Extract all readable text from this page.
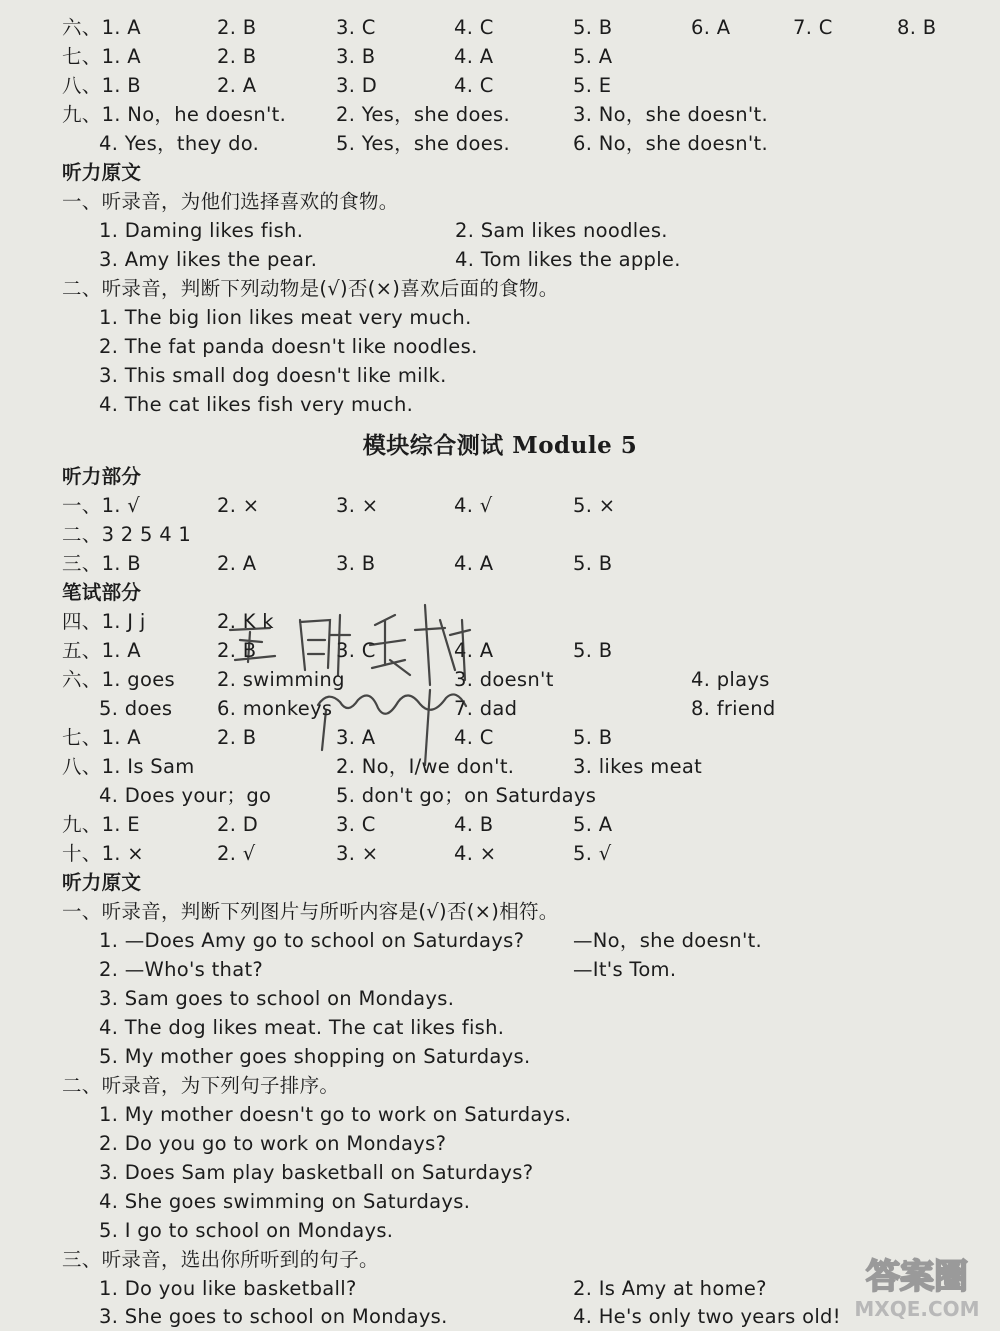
六、1. A	2. B	3. C	4. C	5. B	6. A	7. C	8. B
七、1. A	2. B	3. B	4. A	5. A
八、1. B	2. A	3. D	4. C	5. E
九、1. No，he doesn't.	2. Yes，she does.	3. No，she doesn't.
4. Yes，they do.	5. Yes，she does.	6. No，she doesn't.
听力原文
一、听录音，为他们选择喜欢的食物。
1. Daming likes fish.	2. Sam likes noodles.
3. Amy likes the pear.	4. Tom likes the apple.
二、听录音，判断下列动物是(√)否(×)喜欢后面的食物。
1. The big lion likes meat very much.
2. The fat panda doesn't like noodles.
3. This small dog doesn't like milk.
4. The cat likes fish very much.
听力部分
一、1. √	2. ×	3. ×	4. √	5. ×
二、3 2 5 4 1
三、1. B	2. A	3. B	4. A	5. B
笔试部分
四、1. J j	2. K k
五、1. A	2. B	3. C	4. A	5. B
六、1. goes 2. swimming	3. doesn't	4. plays
5. does 6. monkeys	7. dad	8. friend
七、1. A	2. B	3. A	4. C	5. B
八、1. Is Sam	2. No，I/we don't.	3. likes meat
4. Does your；go	5. don't go；on Saturdays
九、1. E	2. D	3. C	4. B	5. A
十、1. ×	2. √	3. ×	4. ×	5. √
听力原文
一、听录音，判断下列图片与所听内容是(√)否(×)相符。
1. —Does Amy go to school on Saturdays?	—No，she doesn't.
2. —Who's that?	—It's Tom.
3. Sam goes to school on Mondays.
4. The dog likes meat. The cat likes fish.
5. My mother goes shopping on Saturdays.
二、听录音，为下列句子排序。
1. My mother doesn't go to work on Saturdays.
2. Do you go to work on Mondays?
3. Does Sam play basketball on Saturdays?
4. She goes swimming on Saturdays.
5. I go to school on Mondays.
三、听录音，选出你所听到的句子。
1. Do you like basketball?	2. Is Amy at home?
3. She goes to school on Mondays.	4. He's only two years old!
模块综合测试 Module 5
答案圈
MXQE.COM
